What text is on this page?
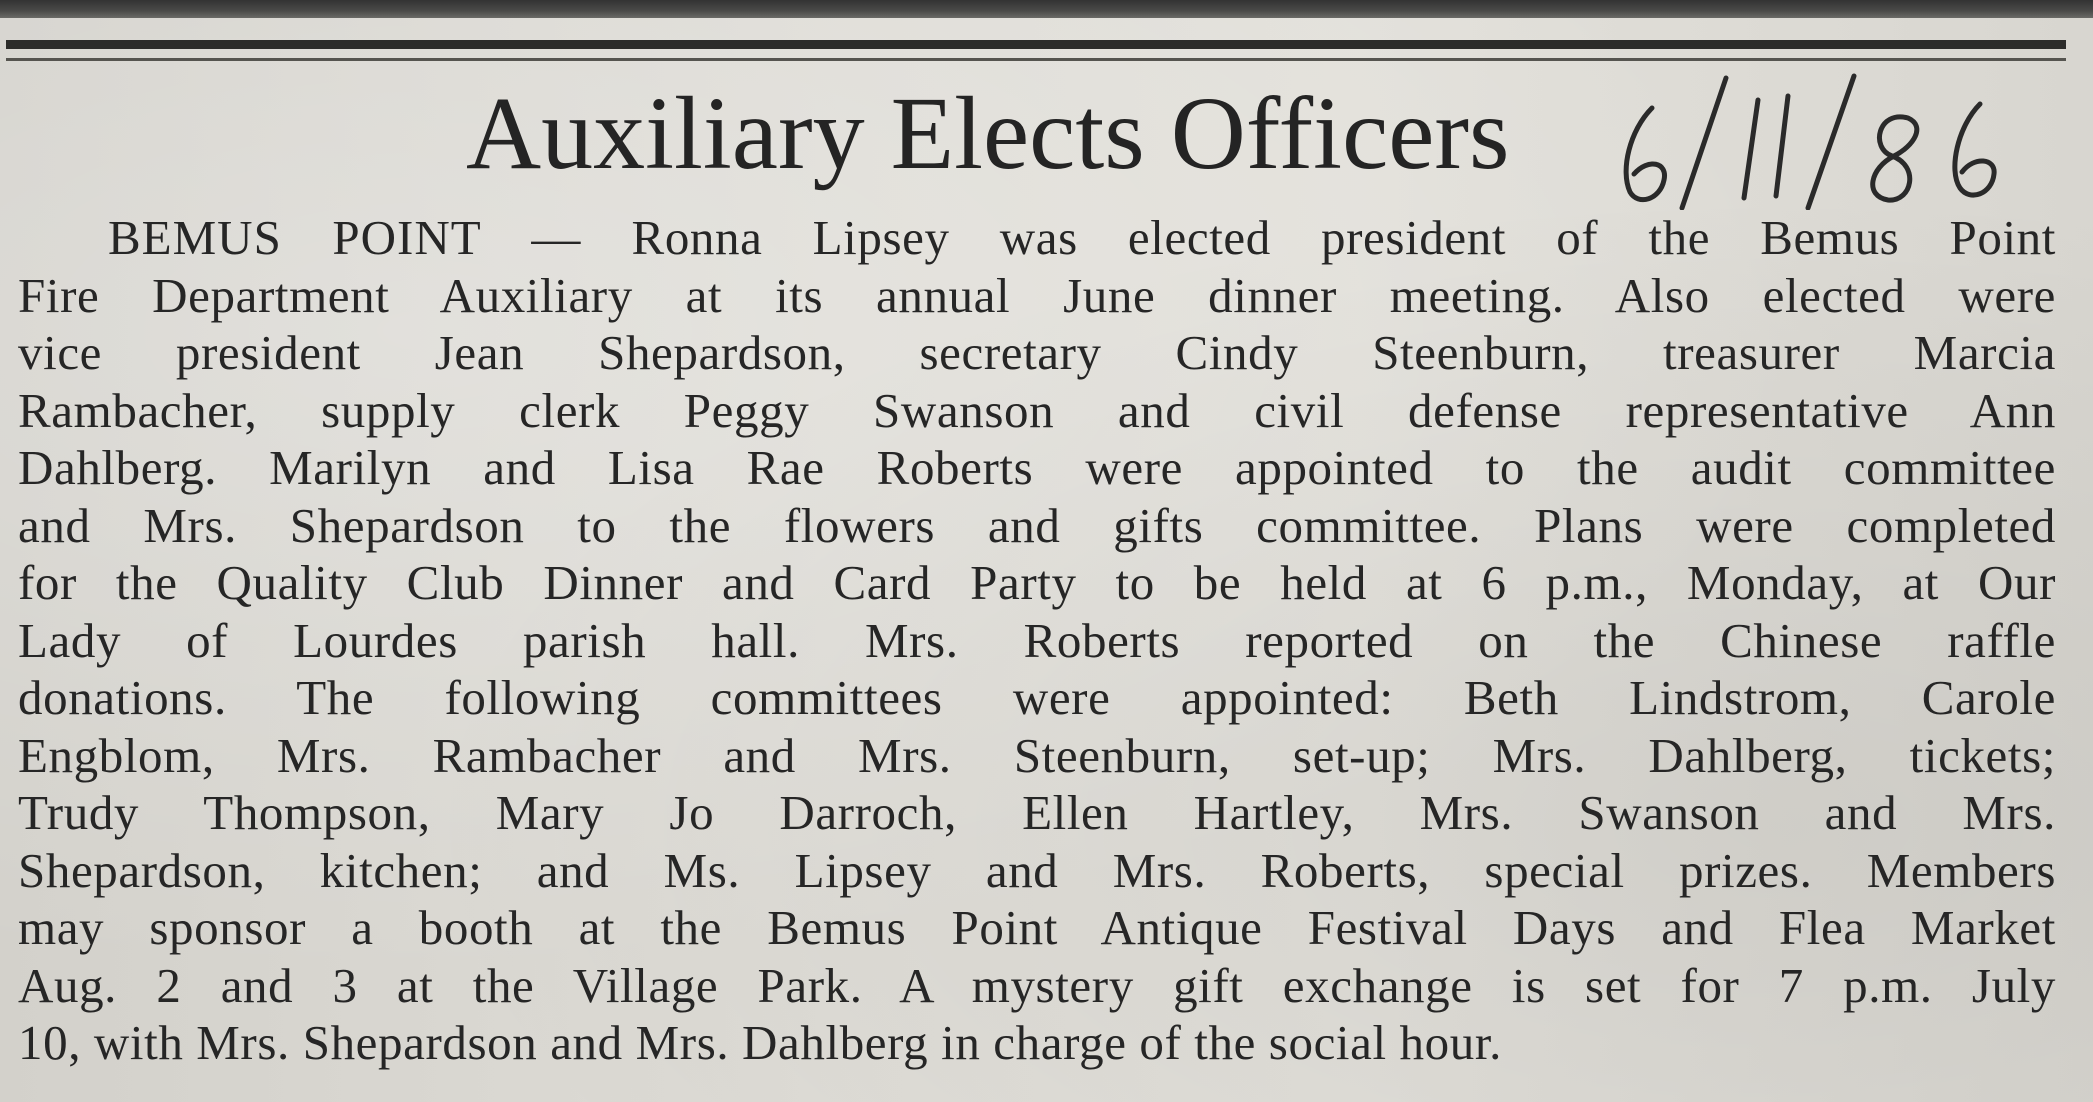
Auxiliary Elects Officers
BEMUS POINT — Ronna Lipsey was elected president of the Bemus Point
Fire Department Auxiliary at its annual June dinner meeting. Also elected were
vice president Jean Shepardson, secretary Cindy Steenburn, treasurer Marcia
Rambacher, supply clerk Peggy Swanson and civil defense representative Ann
Dahlberg. Marilyn and Lisa Rae Roberts were appointed to the audit committee
and Mrs. Shepardson to the flowers and gifts committee. Plans were completed
for the Quality Club Dinner and Card Party to be held at 6 p.m., Monday, at Our
Lady of Lourdes parish hall. Mrs. Roberts reported on the Chinese raffle
donations. The following committees were appointed: Beth Lindstrom, Carole
Engblom, Mrs. Rambacher and Mrs. Steenburn, set-up; Mrs. Dahlberg, tickets;
Trudy Thompson, Mary Jo Darroch, Ellen Hartley, Mrs. Swanson and Mrs.
Shepardson, kitchen; and Ms. Lipsey and Mrs. Roberts, special prizes. Members
may sponsor a booth at the Bemus Point Antique Festival Days and Flea Market
Aug. 2 and 3 at the Village Park. A mystery gift exchange is set for 7 p.m. July
10, with Mrs. Shepardson and Mrs. Dahlberg in charge of the social hour.
